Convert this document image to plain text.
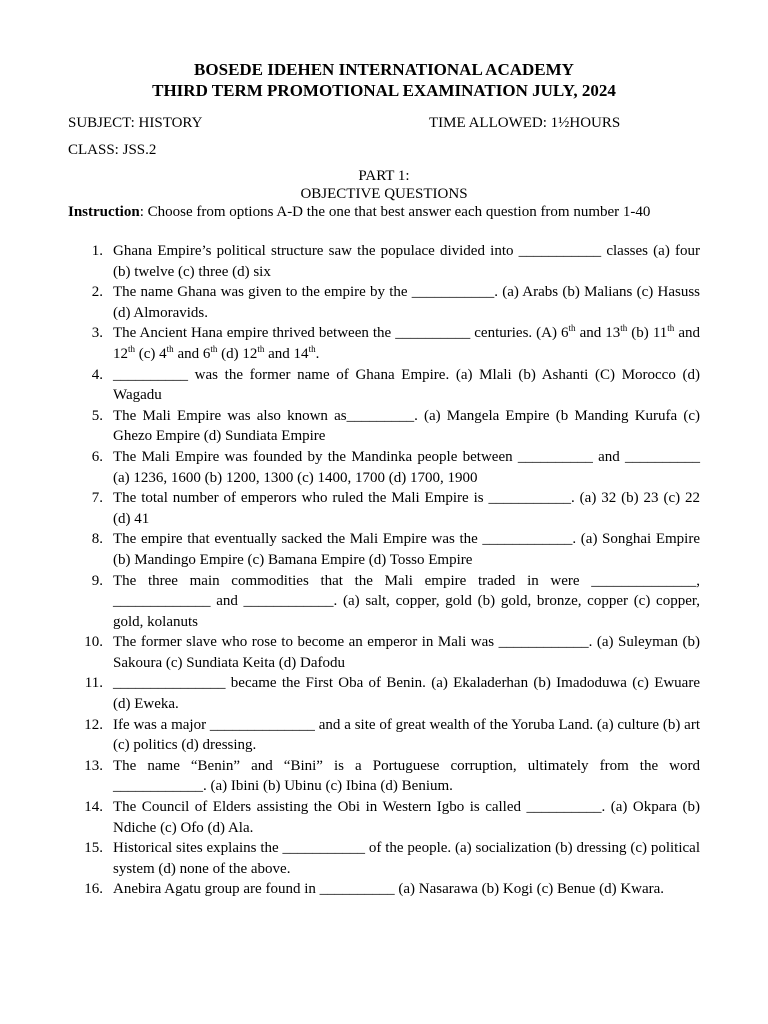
BOSEDE IDEHEN INTERNATIONAL ACADEMY
THIRD TERM PROMOTIONAL EXAMINATION JULY, 2024
SUBJECT: HISTORY	TIME ALLOWED: 1½HOURS
CLASS: JSS.2
PART 1:
OBJECTIVE QUESTIONS
Instruction: Choose from options A-D the one that best answer each question from number 1-40
1. Ghana Empire’s political structure saw the populace divided into ___________ classes (a) four (b) twelve (c) three (d) six
2. The name Ghana was given to the empire by the ___________. (a) Arabs (b) Malians (c) Hasuss (d) Almoravids.
3. The Ancient Hana empire thrived between the __________ centuries. (A) 6th and 13th (b) 11th and 12th (c) 4th and 6th (d) 12th and 14th.
4. __________ was the former name of Ghana Empire. (a) Mlali (b) Ashanti (C) Morocco (d) Wagadu
5. The Mali Empire was also known as_________. (a) Mangela Empire (b Manding Kurufa (c) Ghezo Empire (d) Sundiata Empire
6. The Mali Empire was founded by the Mandinka people between __________ and __________ (a) 1236, 1600 (b) 1200, 1300 (c) 1400, 1700 (d) 1700, 1900
7. The total number of emperors who ruled the Mali Empire is ___________. (a) 32 (b) 23 (c) 22 (d) 41
8. The empire that eventually sacked the Mali Empire was the ____________. (a) Songhai Empire (b) Mandingo Empire (c) Bamana Empire (d) Tosso Empire
9. The three main commodities that the Mali empire traded in were ______________, _____________ and ____________. (a) salt, copper, gold (b) gold, bronze, copper (c) copper, gold, kolanuts
10. The former slave who rose to become an emperor in Mali was ____________. (a) Suleyman (b) Sakoura (c) Sundiata Keita (d) Dafodu
11. _______________ became the First Oba of Benin. (a) Ekaladerhan (b) Imadoduwa (c) Ewuare (d) Eweka.
12. Ife was a major ______________ and a site of great wealth of the Yoruba Land. (a) culture (b) art (c) politics (d) dressing.
13. The name “Benin” and “Bini” is a Portuguese corruption, ultimately from the word ____________. (a) Ibini (b) Ubinu (c) Ibina (d) Benium.
14. The Council of Elders assisting the Obi in Western Igbo is called __________. (a) Okpara (b) Ndiche (c) Ofo (d) Ala.
15. Historical sites explains the ___________ of the people. (a) socialization (b) dressing (c) political system (d) none of the above.
16. Anebira Agatu group are found in __________ (a) Nasarawa (b) Kogi (c) Benue (d) Kwara.
